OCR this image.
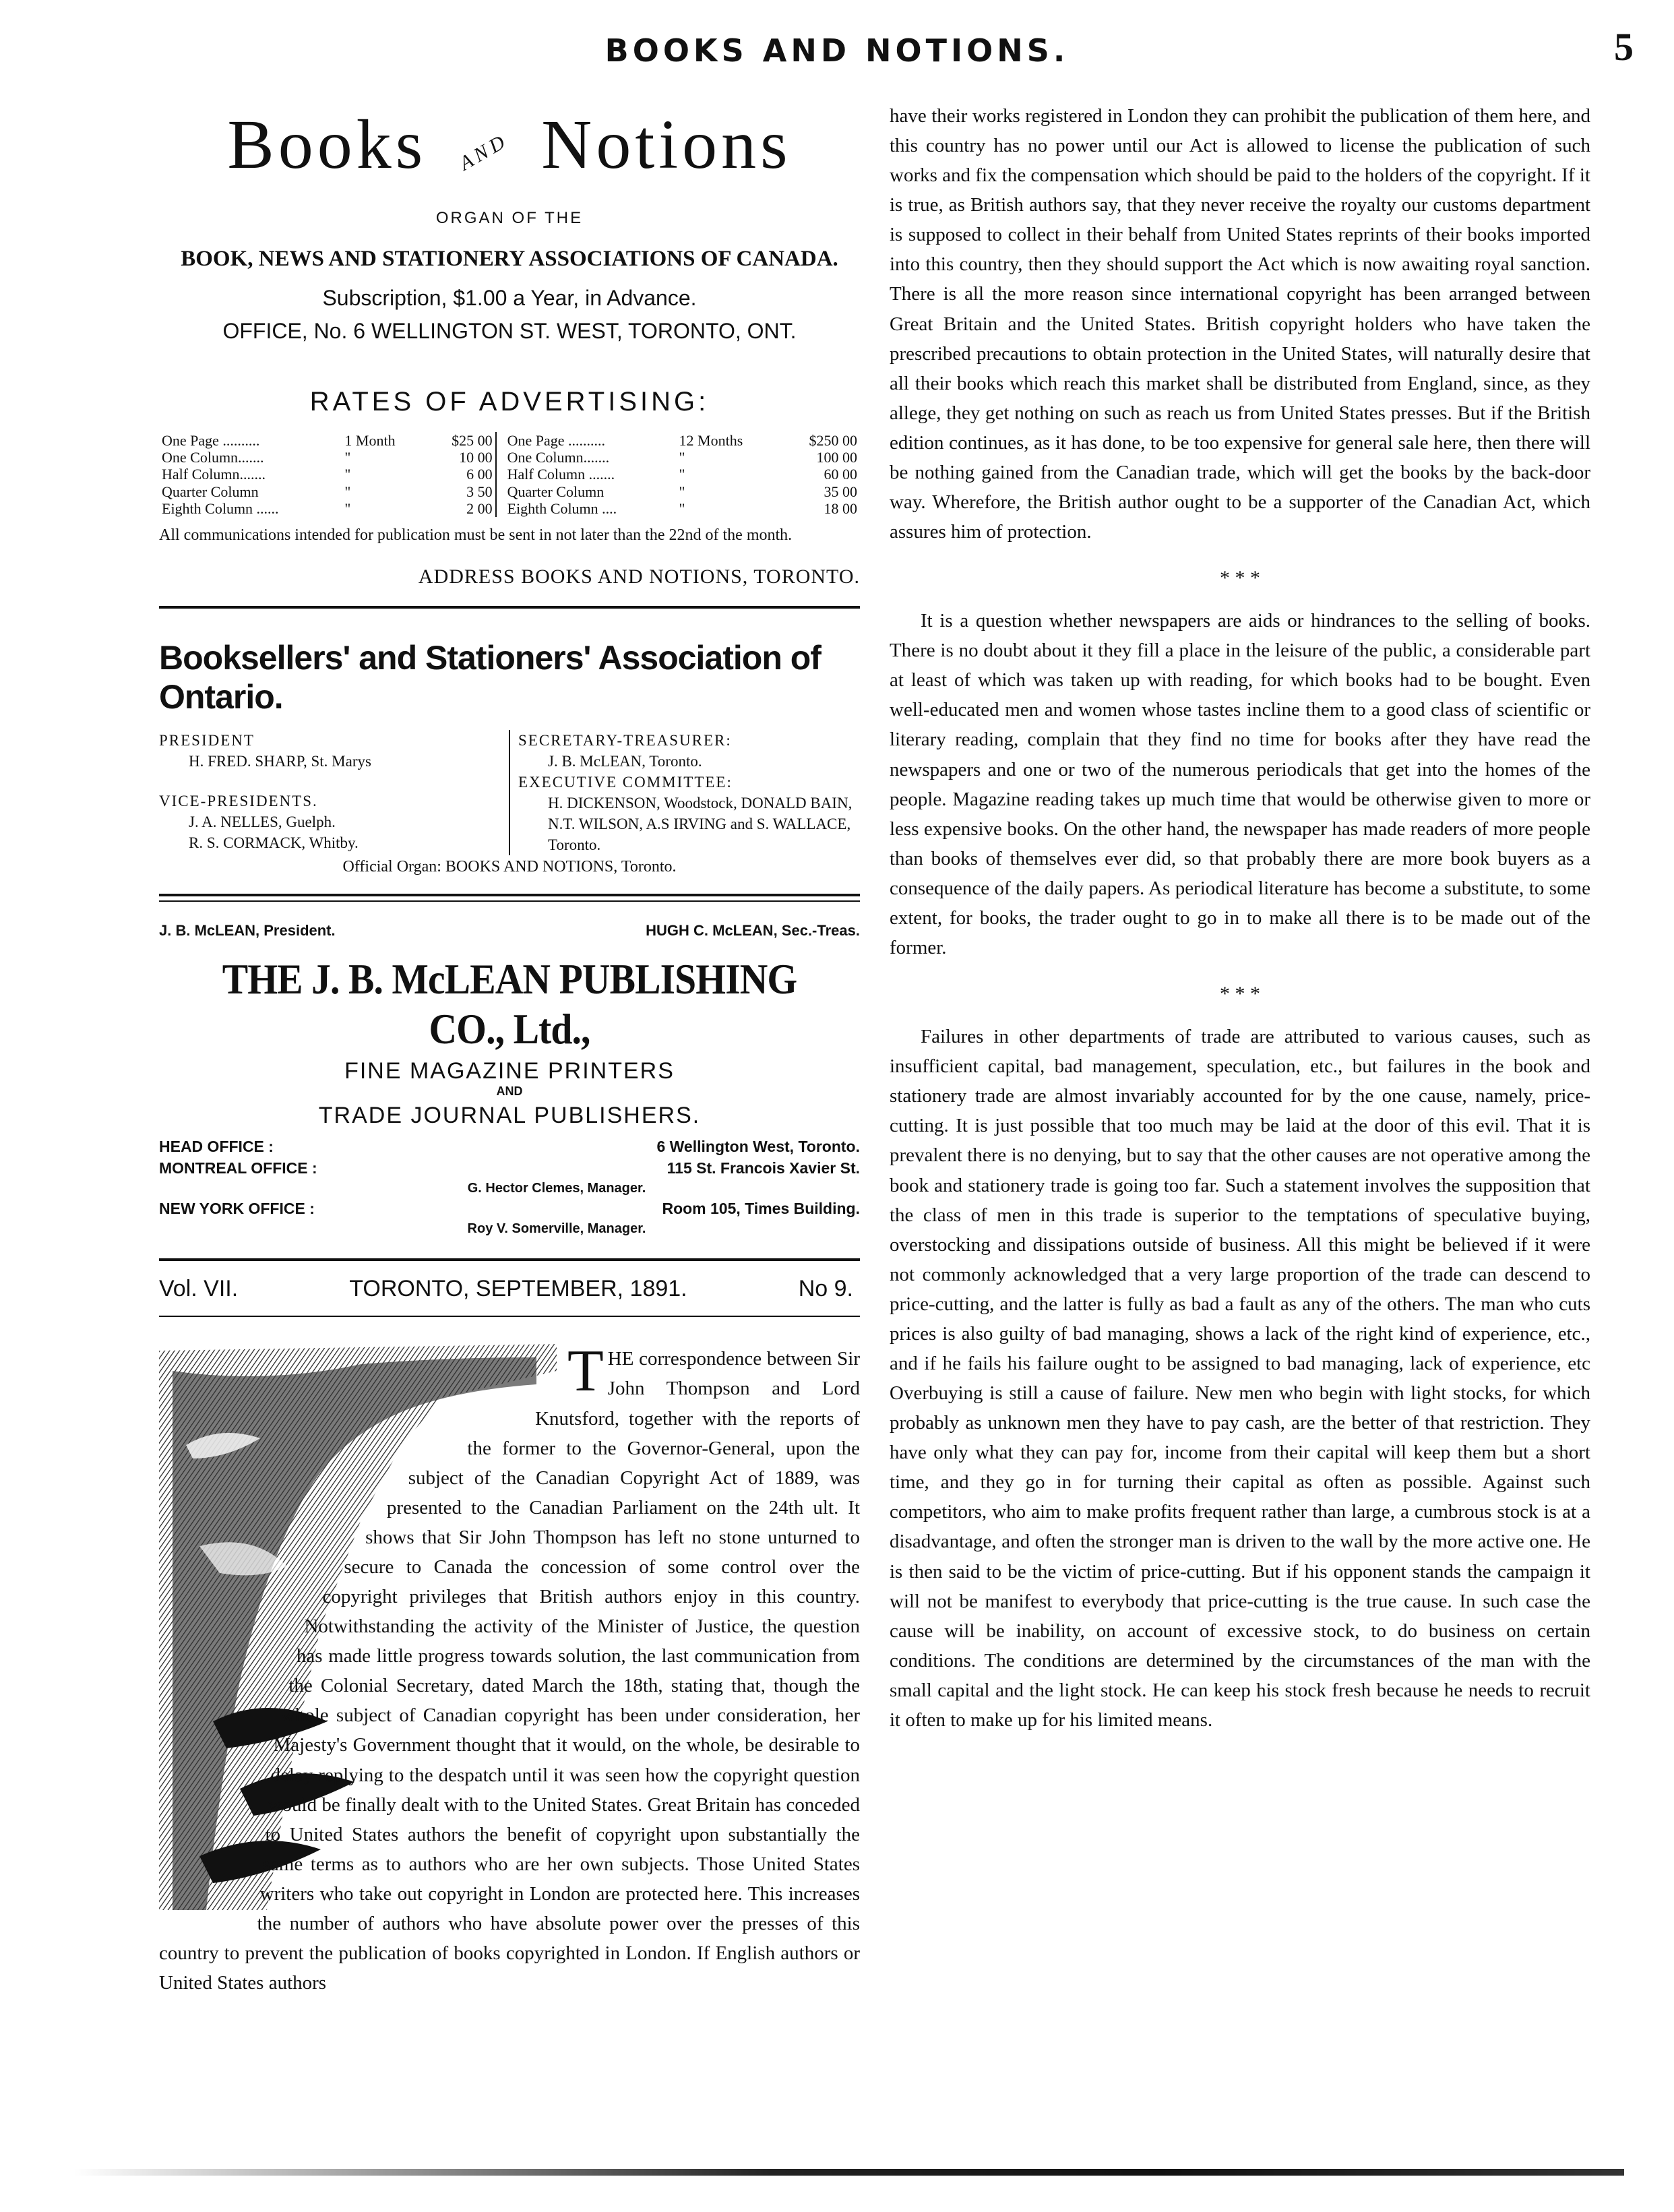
BOOKS AND NOTIONS.	5
Books AND Notions
ORGAN OF THE
BOOK, NEWS AND STATIONERY ASSOCIATIONS OF CANADA.
Subscription, $1.00 a Year, in Advance.
OFFICE, No. 6 WELLINGTON ST. WEST, TORONTO, ONT.
RATES OF ADVERTISING:
One Page ..........	1 Month	$25 00		One Page ..........	12 Months	$250 00
One Column.......	"	10 00		One Column.......	"	100 00
Half Column.......	"	6 00		Half Column .......	"	60 00
Quarter Column	"	3 50		Quarter Column	"	35 00
Eighth Column ......	"	2 00		Eighth Column ....	"	18 00
All communications intended for publication must be sent in not later than the 22nd of the month.
ADDRESS BOOKS AND NOTIONS, TORONTO.
Booksellers' and Stationers' Association of Ontario.
PRESIDENT
H. FRED. SHARP, St. Marys
VICE-PRESIDENTS.
J. A. NELLES, Guelph.
R. S. CORMACK, Whitby.
SECRETARY-TREASURER:
J. B. McLEAN, Toronto.
EXECUTIVE COMMITTEE:
H. DICKENSON, Woodstock, DONALD BAIN, N.T. WILSON, A.S IRVING and S. WALLACE, Toronto.
Official Organ: BOOKS AND NOTIONS, Toronto.
J. B. McLEAN, President.	HUGH C. McLEAN, Sec.-Treas.
THE J. B. McLEAN PUBLISHING CO., Ltd.,
FINE MAGAZINE PRINTERS
AND
TRADE JOURNAL PUBLISHERS.
HEAD OFFICE :	6 Wellington West, Toronto.
MONTREAL OFFICE :	115 St. Francois Xavier St.
G. Hector Clemes, Manager.
NEW YORK OFFICE :	Room 105, Times Building.
Roy V. Somerville, Manager.
Vol. VII.	TORONTO, SEPTEMBER, 1891.	No 9.

THE correspondence between Sir John Thompson and Lord Knutsford, together with the reports of the former to the Governor-General, upon the subject of the Canadian Copyright Act of 1889, was presented to the Canadian Parliament on the 24th ult. It shows that Sir John Thompson has left no stone unturned to secure to Canada the concession of some control over the copyright privileges that British authors enjoy in this country. Notwithstanding the activity of the Minister of Justice, the question has made little progress towards solution, the last communication from the Colonial Secretary, dated March the 18th, stating that, though the whole subject of Canadian copyright has been under consideration, her Majesty's Government thought that it would, on the whole, be desirable to delay replying to the despatch until it was seen how the copyright question would be finally dealt with to the United States. Great Britain has conceded to United States authors the benefit of copyright upon substantially the same terms as to authors who are her own subjects. Those United States writers who take out copyright in London are protected here. This increases the number of authors who have absolute power over the presses of this country to prevent the publication of books copyrighted in London. If English authors or United States authors

have their works registered in London they can prohibit the publication of them here, and this country has no power until our Act is allowed to license the publication of such works and fix the compensation which should be paid to the holders of the copyright. If it is true, as British authors say, that they never receive the royalty our customs department is supposed to collect in their behalf from United States reprints of their books imported into this country, then they should support the Act which is now awaiting royal sanction. There is all the more reason since international copyright has been arranged between Great Britain and the United States. British copyright holders who have taken the prescribed precautions to obtain protection in the United States, will naturally desire that all their books which reach this market shall be distributed from England, since, as they allege, they get nothing on such as reach us from United States presses. But if the British edition continues, as it has done, to be too expensive for general sale here, then there will be nothing gained from the Canadian trade, which will get the books by the back-door way. Wherefore, the British author ought to be a supporter of the Canadian Act, which assures him of protection.

* * *

It is a question whether newspapers are aids or hindrances to the selling of books. There is no doubt about it they fill a place in the leisure of the public, a considerable part at least of which was taken up with reading, for which books had to be bought. Even well-educated men and women whose tastes incline them to a good class of scientific or literary reading, complain that they find no time for books after they have read the newspapers and one or two of the numerous periodicals that get into the homes of the people. Magazine reading takes up much time that would be otherwise given to more or less expensive books. On the other hand, the newspaper has made readers of more people than books of themselves ever did, so that probably there are more book buyers as a consequence of the daily papers. As periodical literature has become a substitute, to some extent, for books, the trader ought to go in to make all there is to be made out of the former.

* * *

Failures in other departments of trade are attributed to various causes, such as insufficient capital, bad management, speculation, etc., but failures in the book and stationery trade are almost invariably accounted for by the one cause, namely, price-cutting. It is just possible that too much may be laid at the door of this evil. That it is prevalent there is no denying, but to say that the other causes are not operative among the book and stationery trade is going too far. Such a statement involves the supposition that the class of men in this trade is superior to the temptations of speculative buying, overstocking and dissipations outside of business. All this might be believed if it were not commonly acknowledged that a very large proportion of the trade can descend to price-cutting, and the latter is fully as bad a fault as any of the others. The man who cuts prices is also guilty of bad managing, shows a lack of the right kind of experience, etc., and if he fails his failure ought to be assigned to bad managing, lack of experience, etc Overbuying is still a cause of failure. New men who begin with light stocks, for which probably as unknown men they have to pay cash, are the better of that restriction. They have only what they can pay for, income from their capital will keep them but a short time, and they go in for turning their capital as often as possible. Against such competitors, who aim to make profits frequent rather than large, a cumbrous stock is at a disadvantage, and often the stronger man is driven to the wall by the more active one. He is then said to be the victim of price-cutting. But if his opponent stands the campaign it will not be manifest to everybody that price-cutting is the true cause. In such case the cause will be inability, on account of excessive stock, to do business on certain conditions. The conditions are determined by the circumstances of the man with the small capital and the light stock. He can keep his stock fresh because he needs to recruit it often to make up for his limited means.
